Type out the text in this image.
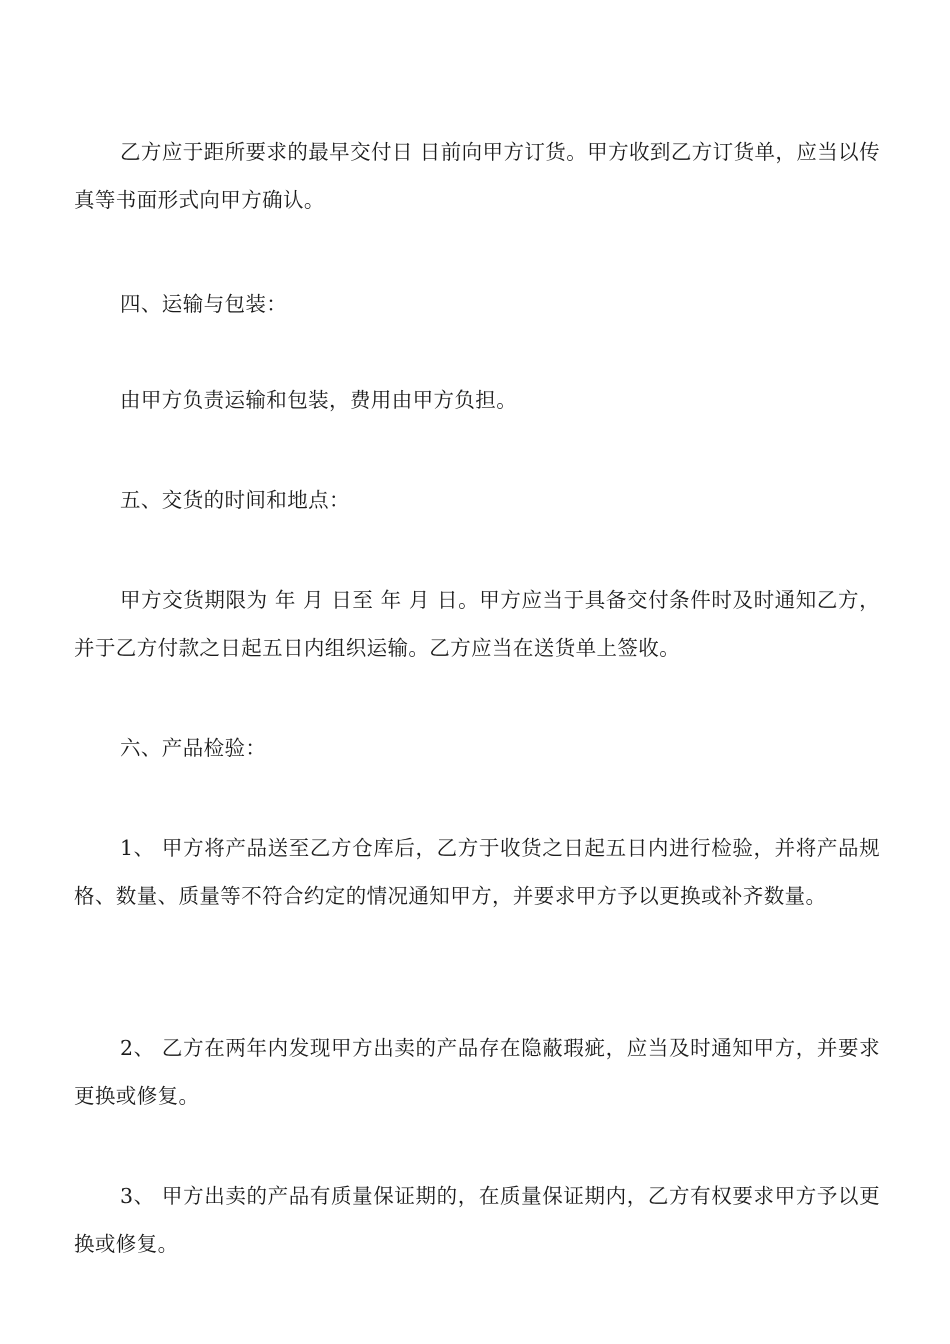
乙方应于距所要求的最早交付日 日前向甲方订货。甲方收到乙方订货单，应当以传真等书面形式向甲方确认。

四、运输与包装：

由甲方负责运输和包装，费用由甲方负担。

五、交货的时间和地点：

甲方交货期限为 年 月 日至 年 月 日。甲方应当于具备交付条件时及时通知乙方，并于乙方付款之日起五日内组织运输。乙方应当在送货单上签收。

六、产品检验：

1、 甲方将产品送至乙方仓库后，乙方于收货之日起五日内进行检验，并将产品规格、数量、质量等不符合约定的情况通知甲方，并要求甲方予以更换或补齐数量。

2、 乙方在两年内发现甲方出卖的产品存在隐蔽瑕疵，应当及时通知甲方，并要求更换或修复。

3、 甲方出卖的产品有质量保证期的，在质量保证期内，乙方有权要求甲方予以更换或修复。
